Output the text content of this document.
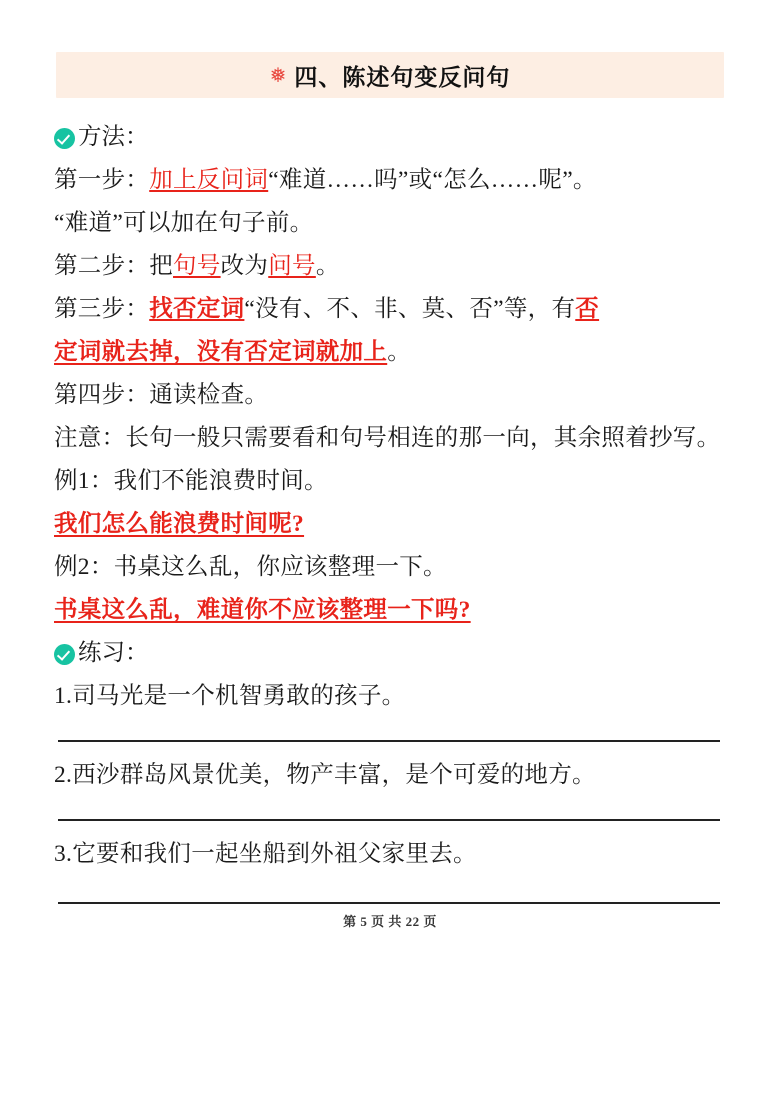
❅ 四、陈述句变反问句
方法：
第一步：加上反问词“难道……吗”或“怎么……呢”。
“难道”可以加在句子前。
第二步：把句号改为问号。
第三步：找否定词“没有、不、非、莫、否”等，有否
定词就去掉，没有否定词就加上。
第四步：通读检查。
注意：长句一般只需要看和句号相连的那一向，其余照着抄写。
例1：我们不能浪费时间。
我们怎么能浪费时间呢?
例2：书桌这么乱，你应该整理一下。
书桌这么乱，难道你不应该整理一下吗?
练习：
1.司马光是一个机智勇敢的孩子。
2.西沙群岛风景优美，物产丰富，是个可爱的地方。
3.它要和我们一起坐船到外祖父家里去。
第 5 页 共 22 页
